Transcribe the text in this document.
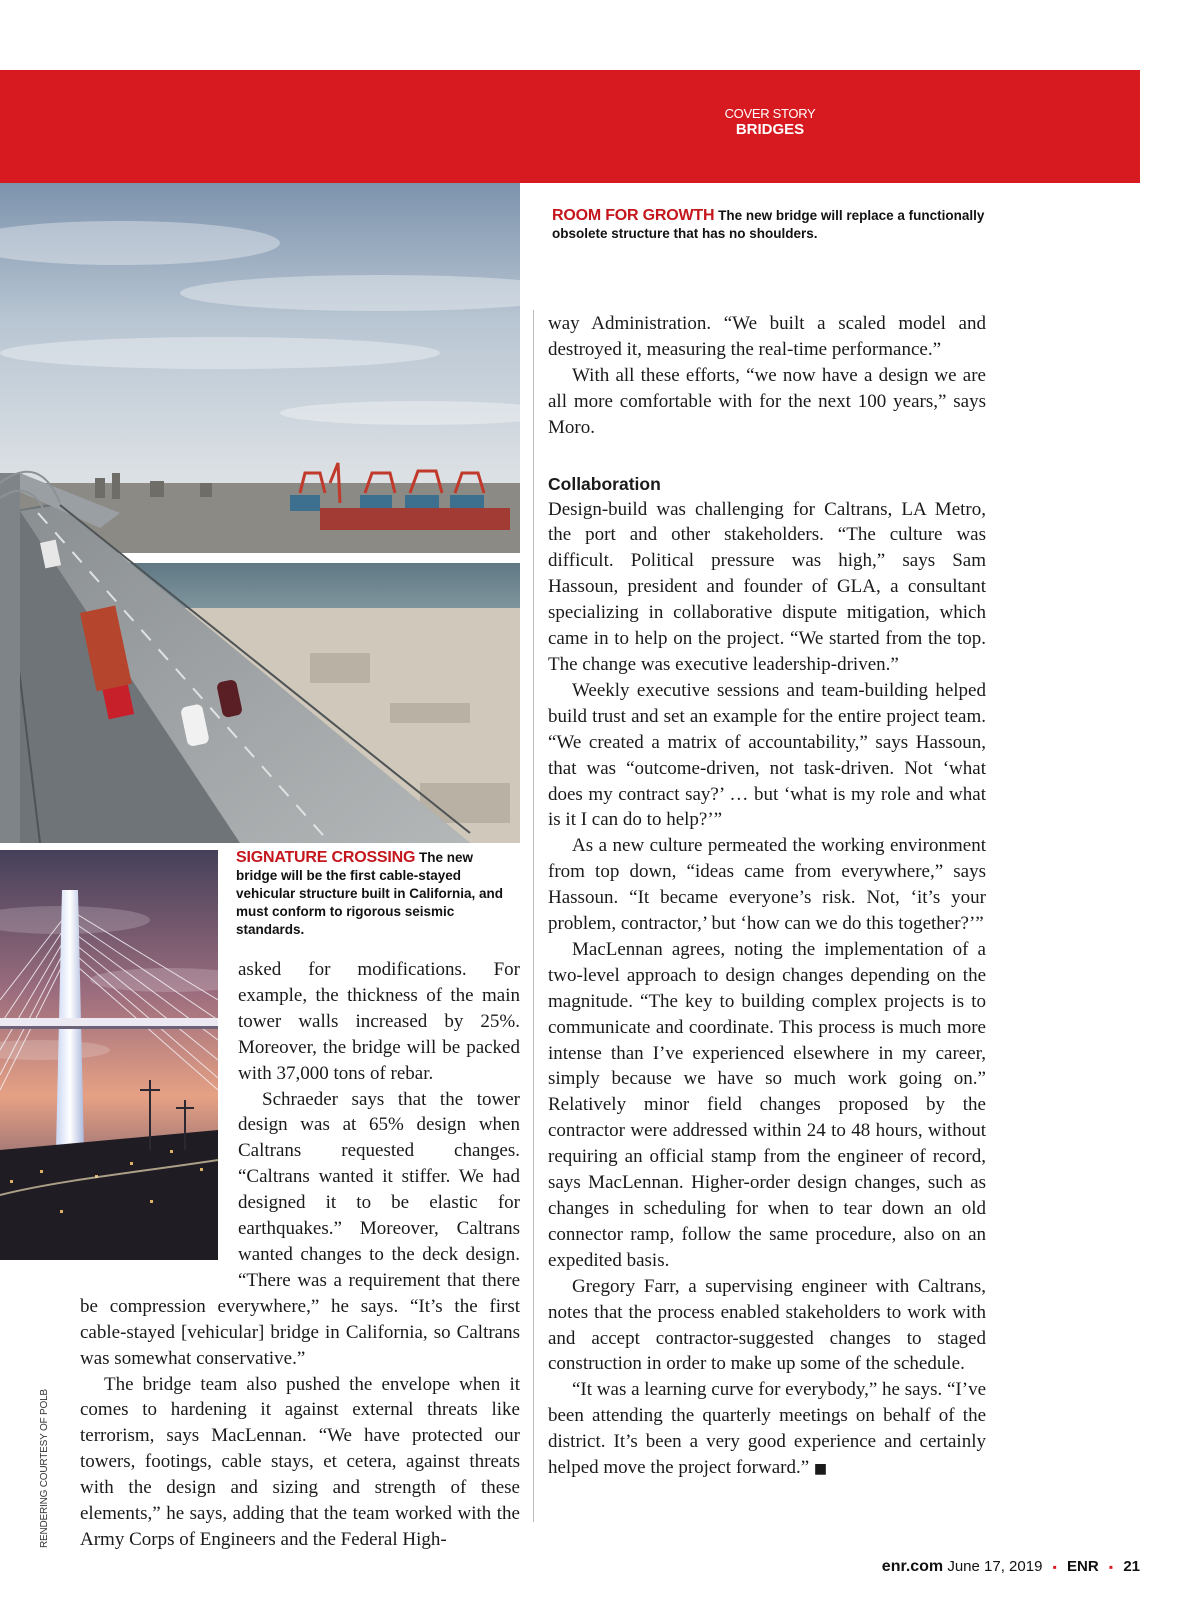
COVER STORY
BRIDGES
ROOM FOR GROWTH The new bridge will replace a functionally obsolete structure that has no shoulders.
SIGNATURE CROSSING The new bridge will be the first cable-stayed vehicular structure built in California, and must conform to rigorous seismic standards.

asked for modifications. For example, the thickness of the main tower walls increased by 25%. Moreover, the bridge will be packed with 37,000 tons of rebar.

Schraeder says that the tower design was at 65% design when Caltrans requested changes. “Caltrans wanted it stiffer. We had designed it to be elastic for earthquakes.” Moreover, Caltrans wanted changes to the deck design. “There was a requirement that there be compression everywhere,” he says. “It’s the first cable-stayed [vehicular] bridge in California, so Caltrans was somewhat conservative.”

The bridge team also pushed the envelope when it comes to hardening it against external threats like terrorism, says MacLennan. “We have protected our towers, footings, cable stays, et cetera, against threats with the design and sizing and strength of these elements,” he says, adding that the team worked with the Army Corps of Engineers and the Federal High-

way Administration. “We built a scaled model and destroyed it, measuring the real-time performance.”

With all these efforts, “we now have a design we are all more comfortable with for the next 100 years,” says Moro.

Collaboration

Design-build was challenging for Caltrans, LA Metro, the port and other stakeholders. “The culture was difficult. Political pressure was high,” says Sam Hassoun, president and founder of GLA, a consultant specializing in collaborative dispute mitigation, which came in to help on the project. “We started from the top. The change was executive leadership-driven.”

Weekly executive sessions and team-building helped build trust and set an example for the entire project team. “We created a matrix of accountability,” says Hassoun, that was “outcome-driven, not task-driven. Not ‘what does my contract say?’ … but ‘what is my role and what is it I can do to help?’”

As a new culture permeated the working environment from top down, “ideas came from everywhere,” says Hassoun. “It became everyone’s risk. Not, ‘it’s your problem, contractor,’ but ‘how can we do this together?’”

MacLennan agrees, noting the implementation of a two-level approach to design changes depending on the magnitude. “The key to building complex projects is to communicate and coordinate. This process is much more intense than I’ve experienced elsewhere in my career, simply because we have so much work going on.” Relatively minor field changes proposed by the contractor were addressed within 24 to 48 hours, without requiring an official stamp from the engineer of record, says MacLennan. Higher-order design changes, such as changes in scheduling for when to tear down an old connector ramp, follow the same procedure, also on an expedited basis.

Gregory Farr, a supervising engineer with Caltrans, notes that the process enabled stakeholders to work with and accept contractor-suggested changes to staged construction in order to make up some of the schedule.

“It was a learning curve for everybody,” he says. “I’ve been attending the quarterly meetings on behalf of the district. It’s been a very good experience and certainly helped move the project forward.” ■

RENDERING COURTESY OF POLB
enr.com June 17, 2019 ▪ ENR ▪ 21
